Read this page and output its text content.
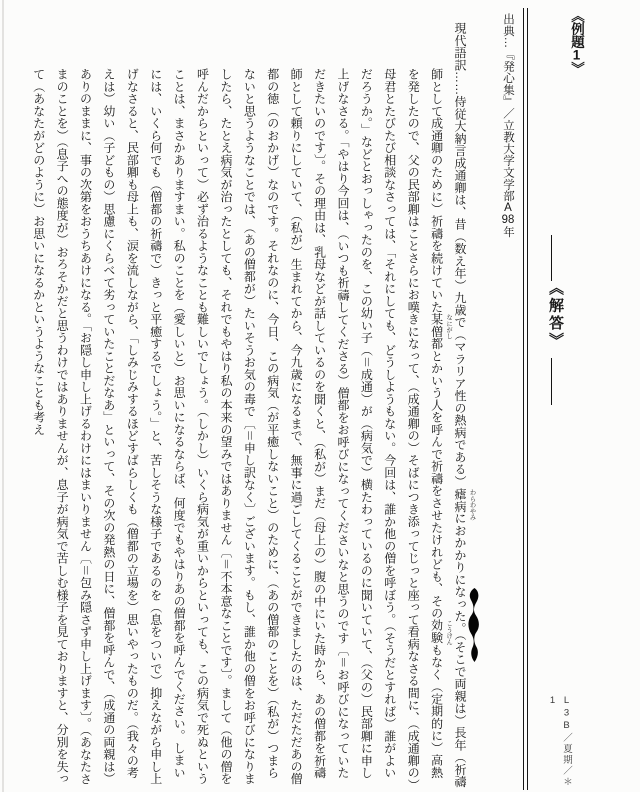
《例題1》
《解答》
L3B／夏期／＊1
出典…『発心集』／立教大学文学部A98年
現代語訳……侍従大納言成通卿は、昔（数え年）九歳で（マラリア性の熱病である）瘧病 わらわやみ
におかかりになった。（そこで両親は）長年（祈禱師として成通卿のために）祈禱を続けていた某 なにがし
僧都とかいう人を呼んで祈禱をさせたけれども、その効験 こうけん
もなく（定期的に）高熱を発したので、父の民部卿はことさらにお嘆きになって、（成通卿の）そばにつき添ってじっと座って看病なさる間に、（成通卿の）母君とたびたび相談なさっては、「それにしても、どうしようもない。今回は、誰か他の僧を呼ぼう。（そうだとすれば）誰がよいだろうか。」などとおっしゃったのを、この幼い子（＝成通）が（病気で）横たわっているのに聞いていて、（父の）民部卿に申し上げなさる。「やはり今回は、（いつも祈禱してくださる）僧都をお呼びになってくださいなと思うのです〔＝お呼びになっていただきたいのです〕。その理由は、乳母などが話しているのを聞くと、（私が）まだ（母上の）腹の中にいた時から、あの僧都を祈禱師として頼りにしていて、（私が）生まれてから、今九歳になるまで、無事に過ごしてくることができましたのは、ただただあの僧都の徳（のおかげ）なのです。それなのに、今日、この病気（が平癒しないこと）のために、（あの僧都のことを）（私が）つまらないと思うようなことでは、（あの僧都が）たいそうお気の毒で〔＝申し訳なく〕ございます。もし、誰か他の僧をお呼びになりましたら、たとえ病気が治ったとしても、それでもやはり私の本来の望みではありません〔＝不本意なことです〕。まして（他の僧を呼んだからといって）必ず治るようなことも難しいでしょう。（しかし）いくら病気が重いからといっても、この病気で死ぬということは、まさかありますまい。私のことを（愛しいと）お思いになるならば、何度でもやはりあの僧都を呼んでください。しまいには、いくら何でも（僧都の祈禱で）きっと平癒するでしょう。」と、苦しそうな様子であるのを（息をついで）抑えながら申し上げなさると、民部卿も母上も、涙を流しながら、「しみじみするほどすばらしくも（僧都の立場を）思いやったものだ。（我々の考えは）幼い（子どもの）思慮にくらべて劣っていたことだなあ」といって、その次の発熱の日に、僧都を呼んで、（成通の両親は）ありのままに、事の次第をおうちあけになる。「お隠し申し上げるわけにはまいりません〔＝包み隠さず申し上げます〕。（あなたさまのことを）（息子への態度が）おろそかだと思うわけではありませんが、息子が病気で苦しむ様子を見ておりますと、分別を失って（あなたがどのように）お思いになるかというようなことも考え
